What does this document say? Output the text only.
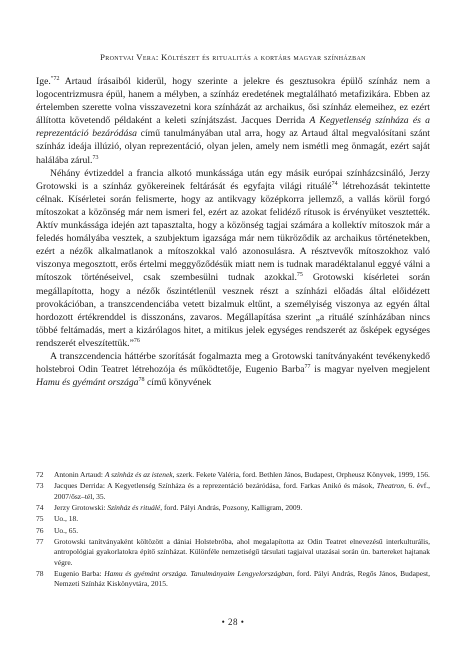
Prontvai Vera: Költészet és ritualitás a kortárs magyar színházban

Ige.$^{”72}$ Artaud írásaiból kiderül, hogy szerinte a jelekre és gesztusokra épülő színház nem a logocentrizmusra épül, hanem a mélyben, a színház eredetének megtalálható metafizikára. Ebben az értelemben szerette volna visszavezetni kora színházát az archaikus, ősi színház elemeihez, ez ezért állította követendő példaként a keleti színjátszást. Jacques Derrida A Kegyetlenség színháza és a reprezentáció bezáródása című tanulmányában utal arra, hogy az Artaud által megvalósítani szánt színház ideája illúzió, olyan reprezentáció, olyan jelen, amely nem ismétli meg önmagát, ezért saját halálába zárul.$^{73}$

Néhány évtizeddel a francia alkotó munkássága után egy másik európai színházcsináló, Jerzy Grotowski is a színház gyökereinek feltárását és egyfajta világi rituálé$^{74}$ létrehozását tekintette célnak. Kísérletei során felismerte, hogy az antikvagy középkorra jellemző, a vallás körül forgó mítoszokat a közönség már nem ismeri fel, ezért az azokat felidéző rítusok is érvényüket vesztették. Aktív munkássága idején azt tapasztalta, hogy a közönség tagjai számára a kollektív mítoszok már a feledés homályába vesztek, a szubjektum igazsága már nem tükröződik az archaikus történetekben, ezért a nézők alkalmatlanok a mítoszokkal való azonosulásra. A résztvevők mítoszokhoz való viszonya megosztott, erős értelmi meggyőződésük miatt nem is tudnak maradéktalanul eggyé válni a mítoszok történéseivel, csak szembesülni tudnak azokkal.$^{75}$ Grotowski kísérletei során megállapította, hogy a nézők őszintétlenül vesznek részt a színházi előadás által előidézett provokációban, a transzcendenciába vetett bizalmuk eltűnt, a személyiség viszonya az egyén által hordozott értékrenddel is disszonáns, zavaros. Megállapítása szerint „a rituálé színházában nincs többé feltámadás, mert a kizárólagos hitet, a mitikus jelek egységes rendszerét az ősképek egységes rendszerét elveszítettük.”$^{76}$

A transzcendencia háttérbe szorítását fogalmazta meg a Grotowski tanítványaként tevékenykedő holstebroi Odin Teatret létrehozója és működtetője, Eugenio Barba$^{77}$ is magyar nyelven megjelent Hamu és gyémánt országa$^{78}$ című könyvének

72	Antonin Artaud: A színház és az istenek, szerk. Fekete Valéria, ford. Bethlen János, Budapest, Orpheusz Könyvek, 1999, 156.
73	Jacques Derrida: A Kegyetlenség Színháza és a reprezentáció bezáródása, ford. Farkas Anikó és mások, Theatron, 6. évf., 2007/ősz–tél, 35.
74	Jerzy Grotowski: Színház és rituálé, ford. Pályi András, Pozsony, Kalligram, 2009.
75	Uo., 18.
76	Uo., 65.
77	Grotowski tanítványaként költözött a dániai Holstebróba, ahol megalapította az Odin Teatret elnevezésű interkulturális, antropológiai gyakorlatokra építő színházat. Különféle nemzetiségű társulati tagjaival utazásai során ún. bartereket hajtanak végre.
78	Eugenio Barba: Hamu és gyémánt országa. Tanulmányaim Lengyelországban, ford. Pályi András, Regős János, Budapest, Nemzeti Színház Kiskönyvtára, 2015.
• 28 •
